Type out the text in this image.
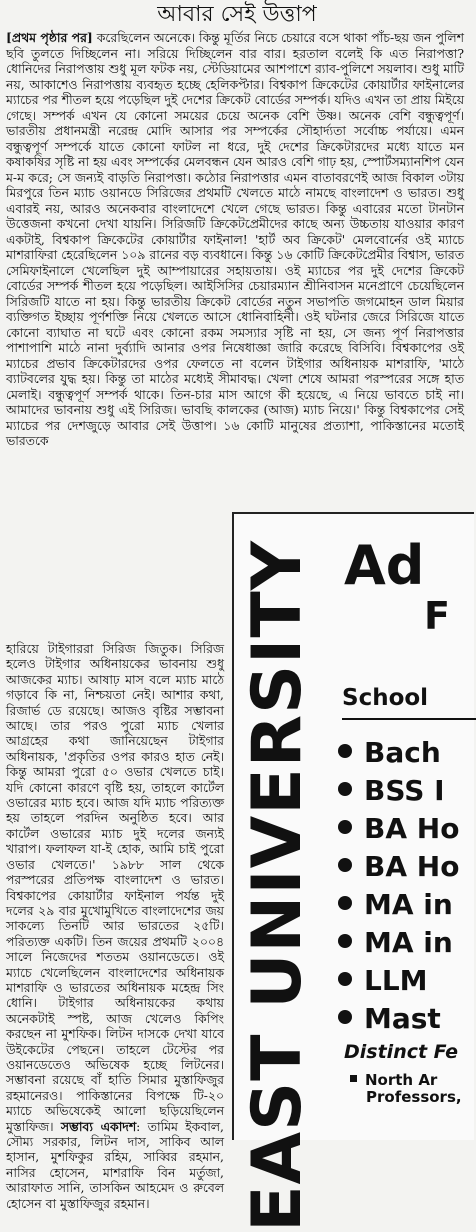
আবার সেই উত্তাপ

[প্রথম পৃষ্ঠার পর] করেছিলেন অনেকে। কিন্তু মূর্তির নিচে চেয়ারে বসে থাকা পাঁচ-ছয় জন পুলিশ ছবি তুলতে দিচ্ছিলেন না। সরিয়ে দিচ্ছিলেন বার বার। হরতাল বলেই কি এত নিরাপত্তা? ধোনিদের নিরাপত্তায় শুধু মূল ফটক নয়, স্টেডিয়ামের আশপাশে র‍্যাব-পুলিশে সয়লাব। শুধু মাটি নয়, আকাশেও নিরাপত্তায় ব্যবহৃত হচ্ছে হেলিকপ্টার। বিশ্বকাপ ক্রিকেটের কোয়ার্টার ফাইনালের ম্যাচের পর শীতল হয়ে পড়েছিল দুই দেশের ক্রিকেট বোর্ডের সম্পর্ক। যদিও এখন তা প্রায় মিইয়ে গেছে। সম্পর্ক এখন যে কোনো সময়ের চেয়ে অনেক বেশি উষ্ণ। অনেক বেশি বন্ধুত্বপূর্ণ। ভারতীয় প্রধানমন্ত্রী নরেন্দ্র মোদি আসার পর সম্পর্কের সৌহার্দ্যতা সর্বোচ্চ পর্যায়ে। এমন বন্ধুত্বপূর্ণ সম্পর্কে যাতে কোনো ফাটল না ধরে, দুই দেশের ক্রিকেটারদের মধ্যে যাতে মন কষাকষির সৃষ্টি না হয় এবং সম্পর্কের মেলবন্ধন যেন আরও বেশি গাঢ় হয়, স্পোর্টসম্যানশিপ যেন ম-ম করে; সে জন্যই বাড়তি নিরাপত্তা। কঠোর নিরাপত্তার এমন বাতাবরণেই আজ বিকাল ৩টায় মিরপুরে তিন ম্যাচ ওয়ানডে সিরিজের প্রথমটি খেলতে মাঠে নামছে বাংলাদেশ ও ভারত। শুধু এবারই নয়, আরও অনেকবার বাংলাদেশে খেলে গেছে ভারত। কিন্তু এবারের মতো টানটান উত্তেজনা কখনো দেখা যায়নি। সিরিজটি ক্রিকেটপ্রেমীদের কাছে অন্য উচ্চতায় যাওয়ার কারণ একটাই, বিশ্বকাপ ক্রিকেটের কোয়ার্টার ফাইনাল! 'হার্ট অব ক্রিকেট' মেলবোর্নের ওই ম্যাচে মাশরাফিরা হেরেছিলেন ১০৯ রানের বড় ব্যবধানে। কিন্তু ১৬ কোটি ক্রিকেটপ্রেমীর বিশ্বাস, ভারত সেমিফাইনালে খেলেছিল দুই আম্পায়ারের সহায়তায়। ওই ম্যাচের পর দুই দেশের ক্রিকেট বোর্ডের সম্পর্ক শীতল হয়ে পড়েছিল। আইসিসির চেয়ারম্যান শ্রীনিবাসন মনেপ্রাণে চেয়েছিলেন সিরিজটি যাতে না হয়। কিন্তু ভারতীয় ক্রিকেট বোর্ডের নতুন সভাপতি জগমোহন ডাল মিয়ার ব্যক্তিগত ইচ্ছায় পূর্ণশক্তি নিয়ে খেলতে আসে ধোনিবাহিনী। ওই ঘটনার জেরে সিরিজে যাতে কোনো ব্যাঘাত না ঘটে এবং কোনো রকম সমস্যার সৃষ্টি না হয়, সে জন্য পূর্ণ নিরাপত্তার পাশাপাশি মাঠে নানা দুর্ব্যাদি আনার ওপর নিষেধাজ্ঞা জারি করেছে বিসিবি। বিশ্বকাপের ওই ম্যাচের প্রভাব ক্রিকেটারদের ওপর ফেলতে না বলেন টাইগার অধিনায়ক মাশরাফি, 'মাঠে ব্যাটবলের যুদ্ধ হয়। কিন্তু তা মাঠের মধ্যেই সীমাবদ্ধ। খেলা শেষে আমরা পরস্পরের সঙ্গে হাত মেলাই। বন্ধুত্বপূর্ণ সম্পর্ক থাকে। তিন-চার মাস আগে কী হয়েছে, এ নিয়ে ভাবতে চাই না। আমাদের ভাবনায় শুধু এই সিরিজ। ভাবছি কালকের (আজ) ম্যাচ নিয়ে।' কিন্তু বিশ্বকাপের সেই ম্যাচের পর দেশজুড়ে আবার সেই উত্তাপ। ১৬ কোটি মানুষের প্রত্যাশা, পাকিস্তানের মতোই ভারতকে

হারিয়ে টাইগাররা সিরিজ জিতুক। সিরিজ হলেও টাইগার অধিনায়কের ভাবনায় শুধু আজকের ম্যাচ। আষাঢ় মাস বলে ম্যাচ মাঠে গড়াবে কি না, নিশ্চয়তা নেই। আশার কথা, রিজার্ভ ডে রয়েছে। আজও বৃষ্টির সম্ভাবনা আছে। তার পরও পুরো ম্যাচ খেলার আগ্রহের কথা জানিয়েছেন টাইগার অধিনায়ক, 'প্রকৃতির ওপর কারও হাত নেই। কিন্তু আমরা পুরো ৫০ ওভার খেলতে চাই। যদি কোনো কারণে বৃষ্টি হয়, তাহলে কার্টেল ওভারের ম্যাচ হবে। আজ যদি ম্যাচ পরিত্যক্ত হয় তাহলে পরদিন অনুষ্ঠিত হবে। আর কার্টেল ওভারের ম্যাচ দুই দলের জন্যই খারাপ। ফলাফল যা-ই হোক, আমি চাই পুরো ওভার খেলতে।' ১৯৮৮ সাল থেকে পরস্পরের প্রতিপক্ষ বাংলাদেশ ও ভারত। বিশ্বকাপের কোয়ার্টার ফাইনাল পর্যন্ত দুই দলের ২৯ বার মুখোমুখিতে বাংলাদেশের জয় সাকল্যে তিনটি আর ভারতের ২৫টি। পরিত্যক্ত একটি। তিন জয়ের প্রথমটি ২০০৪ সালে নিজেদের শততম ওয়ানডেতে। ওই ম্যাচে খেলেছিলেন বাংলাদেশের অধিনায়ক মাশরাফি ও ভারতের অধিনায়ক মহেন্দ্র সিং ধোনি। টাইগার অধিনায়কের কথায় অনেকটাই স্পষ্ট, আজ খেলেও কিপিং করছেন না মুশফিক। লিটন দাসকে দেখা যাবে উইকেটের পেছনে। তাহলে টেস্টের পর ওয়ানডেতেও অভিষেক হচ্ছে লিটনের। সম্ভাবনা রয়েছে বাঁ হাতি সিমার মুস্তাফিজুর রহমানেরও। পাকিস্তানের বিপক্ষে টি-২০ ম্যাচে অভিষেকেই আলো ছড়িয়েছিলেন মুস্তাফিজ। সম্ভাব্য একাদশ: তামিম ইকবাল, সৌম্য সরকার, লিটন দাস, সাকিব আল হাসান, মুশফিকুর রহিম, সাব্বির রহমান, নাসির হোসেন, মাশরাফি বিন মর্তুজা, আরাফাত সানি, তাসকিন আহমেদ ও রুবেল হোসেন বা মুস্তাফিজুর রহমান।	EAST UNIVERSITY Ad
F
School
Bach
BSS I
BA Ho
BA Ho
MA in
MA in
LLM
Mast
Distinct Fe
North Ar
Professors,
